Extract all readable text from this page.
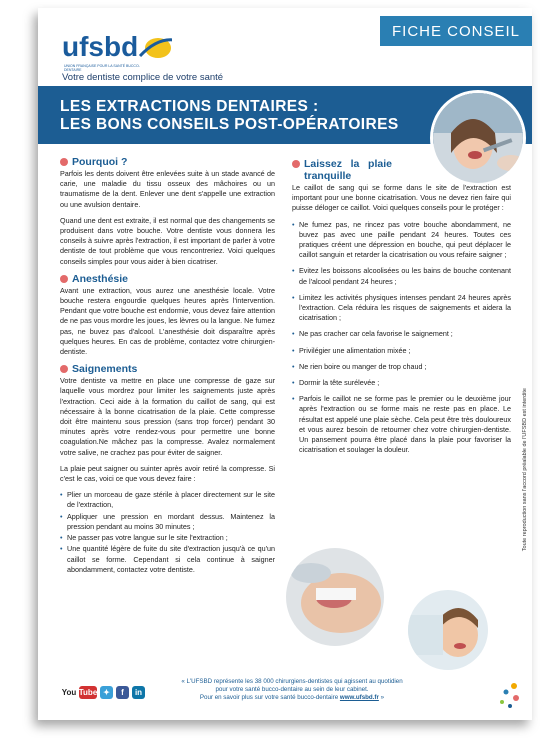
FICHE CONSEIL
ufsbd
UNION FRANÇAISE POUR LA SANTÉ BUCCO-DENTAIRE
Votre dentiste complice de votre santé
LES EXTRACTIONS DENTAIRES :
LES BONS CONSEILS POST-OPÉRATOIRES
Pourquoi ?

Parfois les dents doivent être enlevées suite à un stade avancé de carie, une maladie du tissu osseux des mâchoires ou un traumatisme de la dent. Enlever une dent s'appelle une extraction ou une avulsion dentaire.

Quand une dent est extraite, il est normal que des changements se produisent dans votre bouche. Votre dentiste vous donnera les conseils à suivre après l'extraction, il est important de parler à votre dentiste de tout problème que vous rencontreriez. Voici quelques conseils simples pour vous aider à bien cicatriser.

Anesthésie

Avant une extraction, vous aurez une anesthésie locale. Votre bouche restera engourdie quelques heures après l'intervention. Pendant que votre bouche est endormie, vous devez faire attention de ne pas vous mordre les joues, les lèvres ou la langue. Ne fumez pas, ne buvez pas d'alcool. L'anesthésie doit disparaître après quelques heures. En cas de problème, contactez votre chirurgien-dentiste.

Saignements

Votre dentiste va mettre en place une compresse de gaze sur laquelle vous mordrez pour limiter les saignements juste après l'extraction. Ceci aide à la formation du caillot de sang, qui est nécessaire à la bonne cicatrisation de la plaie. Cette compresse doit être maintenu sous pression (sans trop forcer) pendant 30 minutes après votre rendez-vous pour permettre une bonne coagulation.Ne mâchez pas la compresse. Avalez normalement votre salive, ne crachez pas pour éviter de saigner.

La plaie peut saigner ou suinter après avoir retiré la compresse. Si c'est le cas, voici ce que vous devez faire :

• Plier un morceau de gaze stérile à placer directement sur le site de l'extraction,
• Appliquer une pression en mordant dessus. Maintenez la pression pendant au moins 30 minutes ;
• Ne passer pas votre langue sur le site l'extraction ;
• Une quantité légère de fuite du site d'extraction jusqu'à ce qu'un caillot se forme. Cependant si cela continue à saigner abondamment, contactez votre dentiste.
Laissez la plaie tranquille

Le caillot de sang qui se forme dans le site de l'extraction est important pour une bonne cicatrisation. Vous ne devez rien faire qui puisse déloger ce caillot. Voici quelques conseils pour le protéger :

• Ne fumez pas, ne rincez pas votre bouche abondamment, ne buvez pas avec une paille pendant 24 heures. Toutes ces pratiques créent une dépression en bouche, qui peut déplacer le caillot sanguin et retarder la cicatrisation ou vous refaire saigner ;
• Evitez les boissons alcoolisées ou les bains de bouche contenant de l'alcool pendant 24 heures ;
• Limitez les activités physiques intenses pendant 24 heures après l'extraction. Cela réduira les risques de saignements et aidera la cicatrisation ;
• Ne pas cracher car cela favorise le saignement ;
• Privilégier une alimentation mixée ;
• Ne rien boire ou manger de trop chaud ;
• Dormir la tête surélevée ;
• Parfois le caillot ne se forme pas le premier ou le deuxième jour après l'extraction ou se forme mais ne reste pas en place. Le résultat est appelé une plaie sèche. Cela peut être très douloureux et vous aurez besoin de retourner chez votre chirurgien-dentiste. Un pansement pourra être placé dans la plaie pour favoriser la cicatrisation et soulager la douleur.	Toute reproduction sans l'accord préalable de l'UFSBD est interdite
You Tube ✦	f	in
« L'UFSBD représente les 38 000 chirurgiens-dentistes qui agissent au quotidien
pour votre santé bucco-dentaire au sein de leur cabinet.
Pour en savoir plus sur votre santé bucco-dentaire www.ufsbd.fr »
